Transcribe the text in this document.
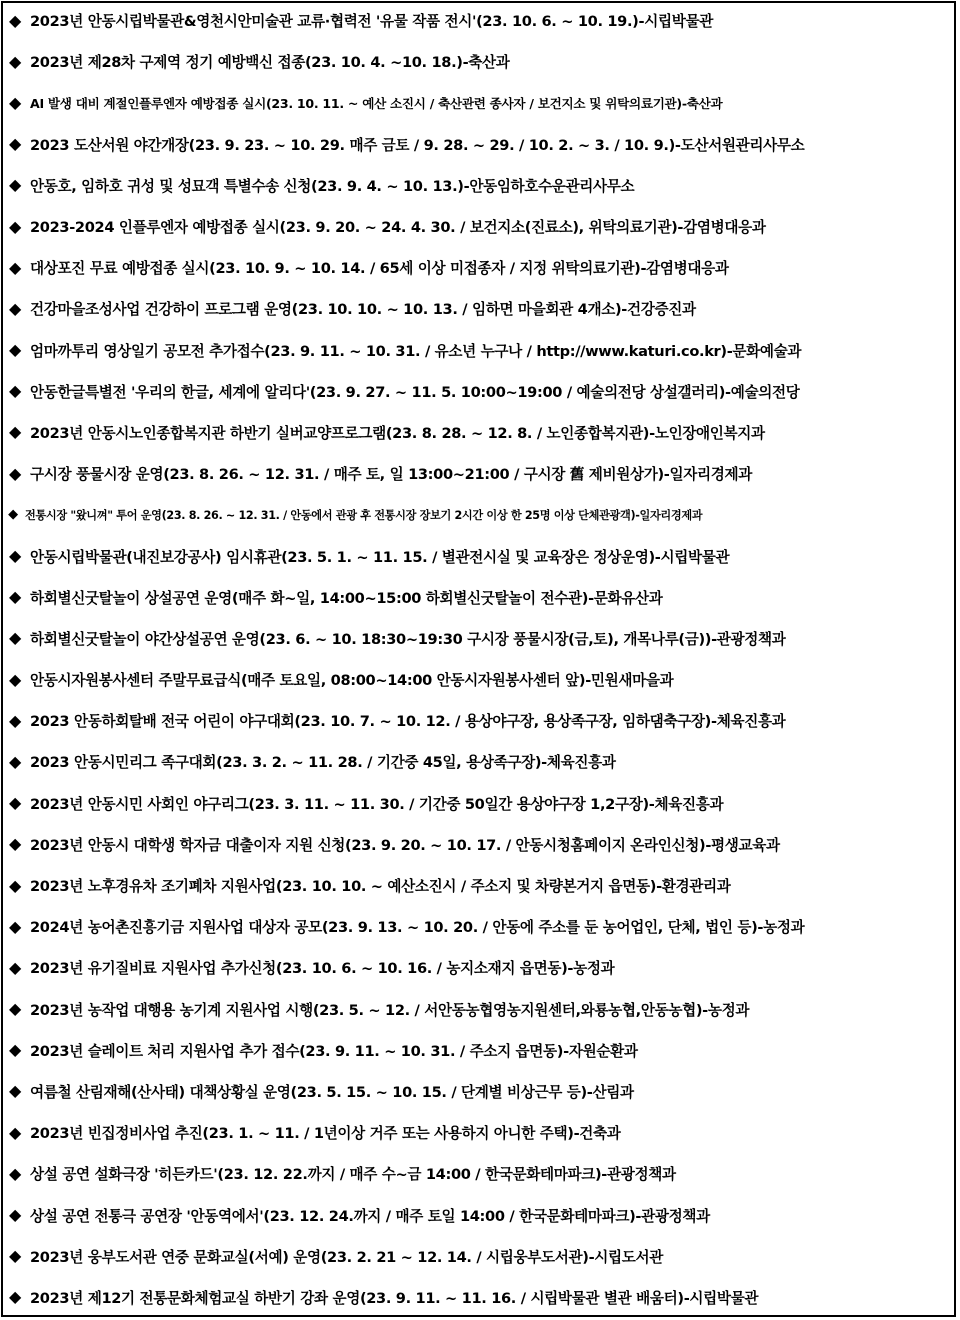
◆ 2023년 안동시립박물관&영천시안미술관 교류·협력전 '유물 작품 전시'(23. 10. 6. ~ 10. 19.)-시립박물관
◆ 2023년 제28차 구제역 정기 예방백신 접종(23. 10. 4. ~10. 18.)-축산과
◆ AI 발생 대비 계절인플루엔자 예방접종 실시(23. 10. 11. ~ 예산 소진시 / 축산관련 종사자 / 보건지소 및 위탁의료기관)-축산과
◆ 2023 도산서원 야간개장(23. 9. 23. ~ 10. 29. 매주 금토 / 9. 28. ~ 29. / 10. 2. ~ 3. / 10. 9.)-도산서원관리사무소
◆ 안동호, 임하호 귀성 및 성묘객 특별수송 신청(23. 9. 4. ~ 10. 13.)-안동임하호수운관리사무소
◆ 2023-2024 인플루엔자 예방접종 실시(23. 9. 20. ~ 24. 4. 30. / 보건지소(진료소), 위탁의료기관)-감염병대응과
◆ 대상포진 무료 예방접종 실시(23. 10. 9. ~ 10. 14. / 65세 이상 미접종자 / 지정 위탁의료기관)-감염병대응과
◆ 건강마을조성사업 건강하이 프로그램 운영(23. 10. 10. ~ 10. 13. / 임하면 마을회관 4개소)-건강증진과
◆ 엄마까투리 영상일기 공모전 추가접수(23. 9. 11. ~ 10. 31. / 유소년 누구나 / http://www.katuri.co.kr)-문화예술과
◆ 안동한글특별전 '우리의 한글, 세계에 알리다'(23. 9. 27. ~ 11. 5. 10:00~19:00 / 예술의전당 상설갤러리)-예술의전당
◆ 2023년 안동시노인종합복지관 하반기 실버교양프로그램(23. 8. 28. ~ 12. 8. / 노인종합복지관)-노인장애인복지과
◆ 구시장 풍물시장 운영(23. 8. 26. ~ 12. 31. / 매주 토, 일 13:00~21:00 / 구시장 舊 제비원상가)-일자리경제과
◆ 전통시장 "왔니껴" 투어 운영(23. 8. 26. ~ 12. 31. / 안동에서 관광 후 전통시장 장보기 2시간 이상 한 25명 이상 단체관광객)-일자리경제과
◆ 안동시립박물관(내진보강공사) 임시휴관(23. 5. 1. ~ 11. 15. / 별관전시실 및 교육장은 정상운영)-시립박물관
◆ 하회별신굿탈놀이 상설공연 운영(매주 화~일, 14:00~15:00 하회별신굿탈놀이 전수관)-문화유산과
◆ 하회별신굿탈놀이 야간상설공연 운영(23. 6. ~ 10. 18:30~19:30 구시장 풍물시장(금,토), 개목나루(금))-관광정책과
◆ 안동시자원봉사센터 주말무료급식(매주 토요일, 08:00~14:00 안동시자원봉사센터 앞)-민원새마을과
◆ 2023 안동하회탈배 전국 어린이 야구대회(23. 10. 7. ~ 10. 12. / 용상야구장, 용상족구장, 임하댐축구장)-체육진흥과
◆ 2023 안동시민리그 족구대회(23. 3. 2. ~ 11. 28. / 기간중 45일, 용상족구장)-체육진흥과
◆ 2023년 안동시민 사회인 야구리그(23. 3. 11. ~ 11. 30. / 기간중 50일간 용상야구장 1,2구장)-체육진흥과
◆ 2023년 안동시 대학생 학자금 대출이자 지원 신청(23. 9. 20. ~ 10. 17. / 안동시청홈페이지 온라인신청)-평생교육과
◆ 2023년 노후경유차 조기폐차 지원사업(23. 10. 10. ~ 예산소진시 / 주소지 및 차량본거지 읍면동)-환경관리과
◆ 2024년 농어촌진흥기금 지원사업 대상자 공모(23. 9. 13. ~ 10. 20. / 안동에 주소를 둔 농어업인, 단체, 법인 등)-농정과
◆ 2023년 유기질비료 지원사업 추가신청(23. 10. 6. ~ 10. 16. / 농지소재지 읍면동)-농정과
◆ 2023년 농작업 대행용 농기계 지원사업 시행(23. 5. ~ 12. / 서안동농협영농지원센터,와룡농협,안동농협)-농정과
◆ 2023년 슬레이트 처리 지원사업 추가 접수(23. 9. 11. ~ 10. 31. / 주소지 읍면동)-자원순환과
◆ 여름철 산림재해(산사태) 대책상황실 운영(23. 5. 15. ~ 10. 15. / 단계별 비상근무 등)-산림과
◆ 2023년 빈집정비사업 추진(23. 1. ~ 11. / 1년이상 거주 또는 사용하지 아니한 주택)-건축과
◆ 상설 공연 설화극장 '히든카드'(23. 12. 22.까지 / 매주 수~금 14:00 / 한국문화테마파크)-관광정책과
◆ 상설 공연 전통극 공연장 '안동역에서'(23. 12. 24.까지 / 매주 토일 14:00 / 한국문화테마파크)-관광정책과
◆ 2023년 웅부도서관 연중 문화교실(서예) 운영(23. 2. 21 ~ 12. 14. / 시립웅부도서관)-시립도서관
◆ 2023년 제12기 전통문화체험교실 하반기 강좌 운영(23. 9. 11. ~ 11. 16. / 시립박물관 별관 배움터)-시립박물관
